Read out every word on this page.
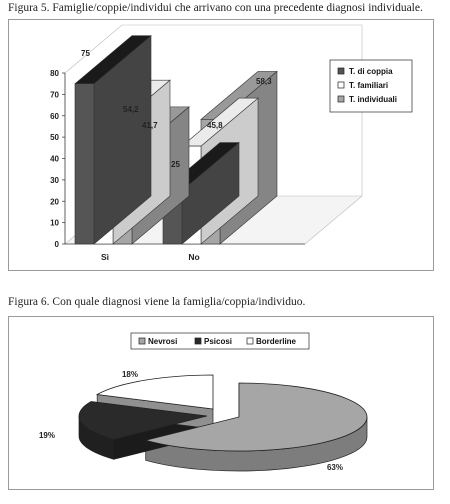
Figura 5. Famiglie/coppie/individui che arrivano con una precedente diagnosi individuale.
0
10
20
30
40
50
60
70
80
75
54,2
41,7
25
45,8
58,3
Sì	No
T. di coppia
T. familiari
T. individuali
Figura 6. Con quale diagnosi viene la famiglia/coppia/individuo.
63%
19%
18%
Nevrosi	Psicosi	Borderline
